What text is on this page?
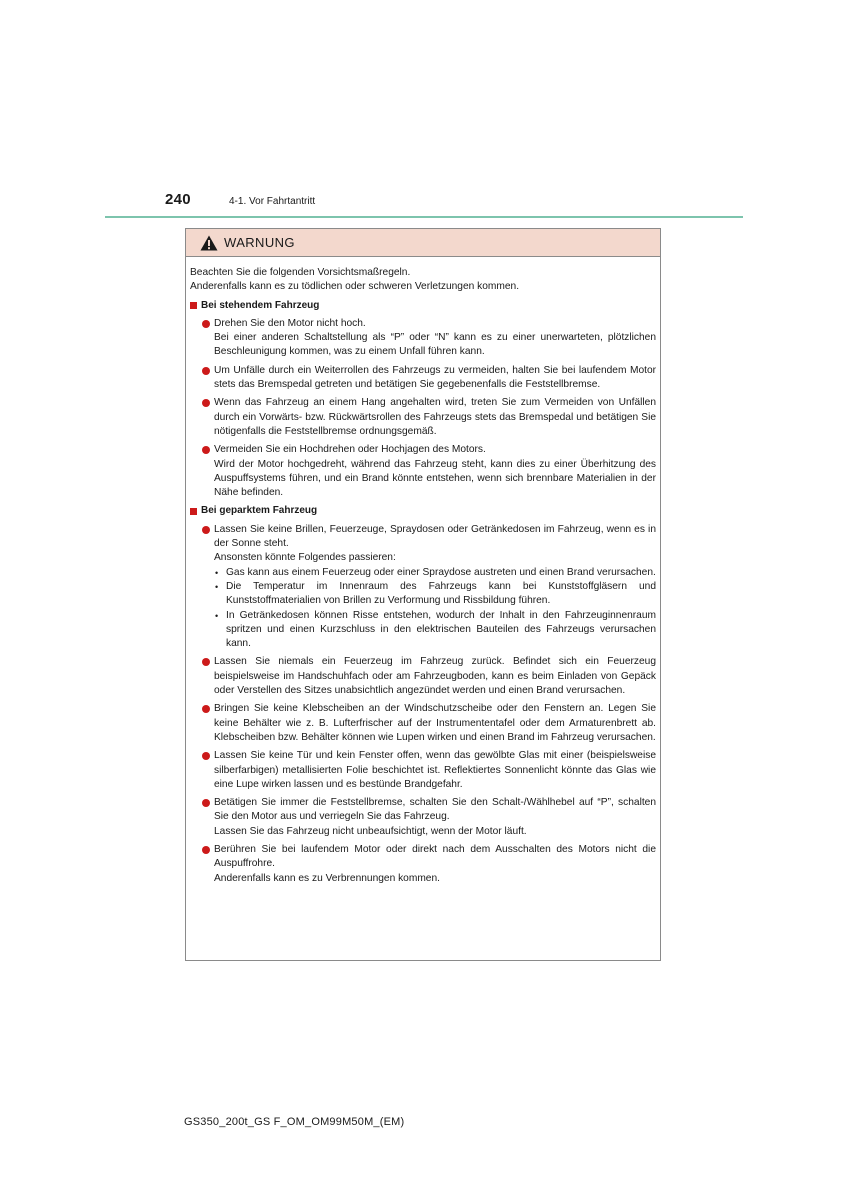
240	4-1. Vor Fahrtantritt
WARNUNG

Beachten Sie die folgenden Vorsichtsmaßregeln.
Anderenfalls kann es zu tödlichen oder schweren Verletzungen kommen.

Bei stehendem Fahrzeug

Drehen Sie den Motor nicht hoch.

Bei einer anderen Schaltstellung als “P” oder “N” kann es zu einer unerwarteten, plötzlichen Beschleunigung kommen, was zu einem Unfall führen kann.

Um Unfälle durch ein Weiterrollen des Fahrzeugs zu vermeiden, halten Sie bei laufendem Motor stets das Bremspedal getreten und betätigen Sie gegebenenfalls die Feststellbremse.

Wenn das Fahrzeug an einem Hang angehalten wird, treten Sie zum Vermeiden von Unfällen durch ein Vorwärts- bzw. Rückwärtsrollen des Fahrzeugs stets das Bremspedal und betätigen Sie nötigenfalls die Feststellbremse ordnungsgemäß.

Vermeiden Sie ein Hochdrehen oder Hochjagen des Motors.

Wird der Motor hochgedreht, während das Fahrzeug steht, kann dies zu einer Überhitzung des Auspuffsystems führen, und ein Brand könnte entstehen, wenn sich brennbare Materialien in der Nähe befinden.

Bei geparktem Fahrzeug

Lassen Sie keine Brillen, Feuerzeuge, Spraydosen oder Getränkedosen im Fahrzeug, wenn es in der Sonne steht.

Ansonsten könnte Folgendes passieren:

• Gas kann aus einem Feuerzeug oder einer Spraydose austreten und einen Brand verursachen.
• Die Temperatur im Innenraum des Fahrzeugs kann bei Kunststoffgläsern und Kunststoffmaterialien von Brillen zu Verformung und Rissbildung führen.
• In Getränkedosen können Risse entstehen, wodurch der Inhalt in den Fahrzeuginnenraum spritzen und einen Kurzschluss in den elektrischen Bauteilen des Fahrzeugs verursachen kann.

Lassen Sie niemals ein Feuerzeug im Fahrzeug zurück. Befindet sich ein Feuerzeug beispielsweise im Handschuhfach oder am Fahrzeugboden, kann es beim Einladen von Gepäck oder Verstellen des Sitzes unabsichtlich angezündet werden und einen Brand verursachen.

Bringen Sie keine Klebscheiben an der Windschutzscheibe oder den Fenstern an. Legen Sie keine Behälter wie z. B. Lufterfrischer auf der Instrumententafel oder dem Armaturenbrett ab. Klebscheiben bzw. Behälter können wie Lupen wirken und einen Brand im Fahrzeug verursachen.

Lassen Sie keine Tür und kein Fenster offen, wenn das gewölbte Glas mit einer (beispielsweise silberfarbigen) metallisierten Folie beschichtet ist. Reflektiertes Sonnenlicht könnte das Glas wie eine Lupe wirken lassen und es bestünde Brandgefahr.

Betätigen Sie immer die Feststellbremse, schalten Sie den Schalt-/Wählhebel auf “P”, schalten Sie den Motor aus und verriegeln Sie das Fahrzeug.

Lassen Sie das Fahrzeug nicht unbeaufsichtigt, wenn der Motor läuft.

Berühren Sie bei laufendem Motor oder direkt nach dem Ausschalten des Motors nicht die Auspuffrohre.

Anderenfalls kann es zu Verbrennungen kommen.

GS350_200t_GS F_OM_OM99M50M_(EM)
